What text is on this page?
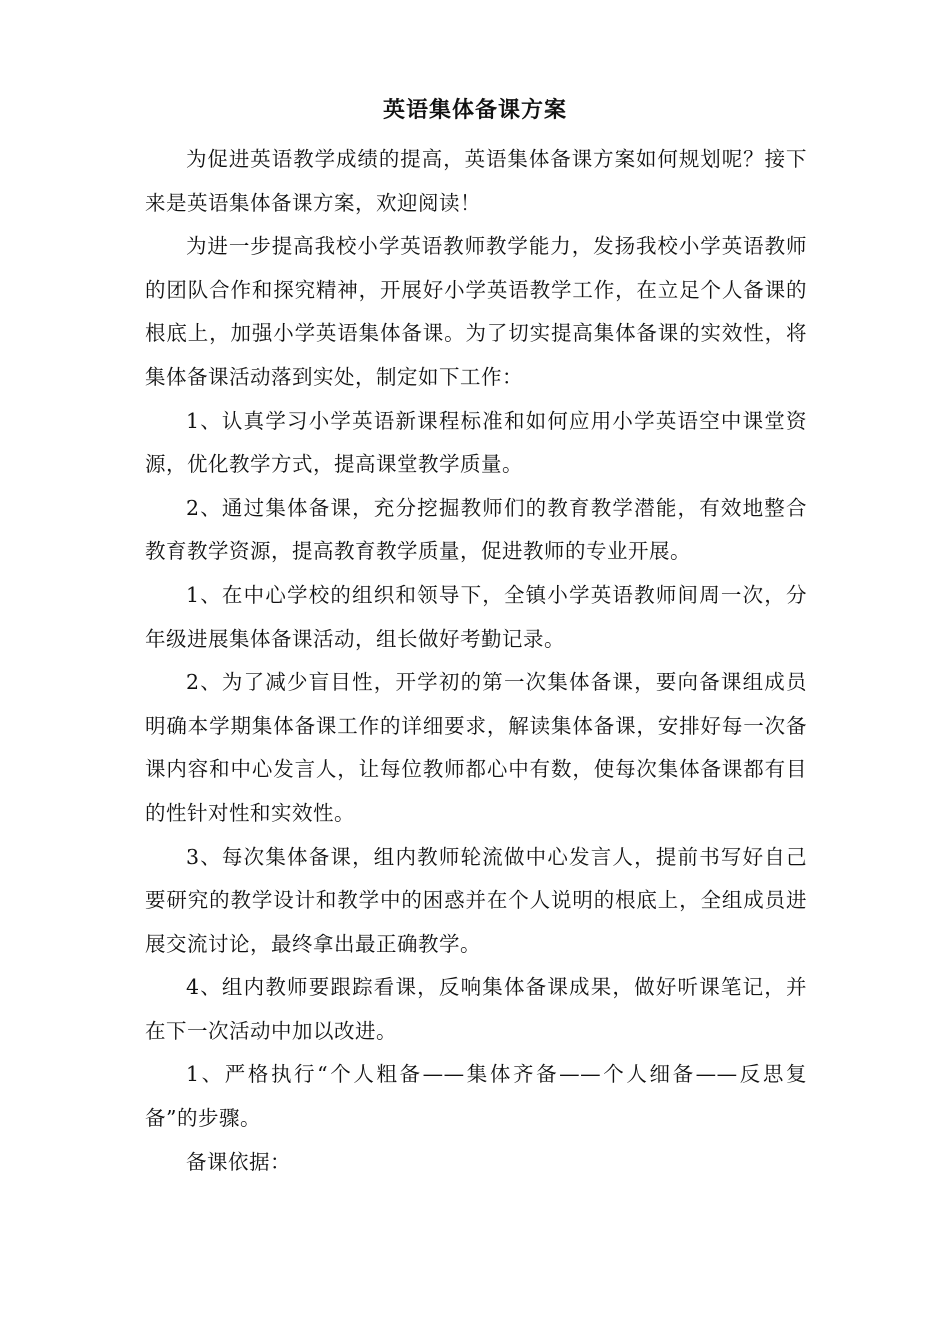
英语集体备课方案

为促进英语教学成绩的提高，英语集体备课方案如何规划呢？接下来是英语集体备课方案，欢迎阅读！

为进一步提高我校小学英语教师教学能力，发扬我校小学英语教师的团队合作和探究精神，开展好小学英语教学工作，在立足个人备课的根底上，加强小学英语集体备课。为了切实提高集体备课的实效性，将集体备课活动落到实处，制定如下工作：

1、认真学习小学英语新课程标准和如何应用小学英语空中课堂资源，优化教学方式，提高课堂教学质量。

2、通过集体备课，充分挖掘教师们的教育教学潜能，有效地整合教育教学资源，提高教育教学质量，促进教师的专业开展。

1、在中心学校的组织和领导下，全镇小学英语教师间周一次，分年级进展集体备课活动，组长做好考勤记录。

2、为了减少盲目性，开学初的第一次集体备课，要向备课组成员明确本学期集体备课工作的详细要求，解读集体备课，安排好每一次备课内容和中心发言人，让每位教师都心中有数，使每次集体备课都有目的性针对性和实效性。

3、每次集体备课，组内教师轮流做中心发言人，提前书写好自己要研究的教学设计和教学中的困惑并在个人说明的根底上，全组成员进展交流讨论，最终拿出最正确教学。

4、组内教师要跟踪看课，反响集体备课成果，做好听课笔记，并在下一次活动中加以改进。

1、严格执行“个人粗备——集体齐备——个人细备——反思复备”的步骤。

备课依据：
